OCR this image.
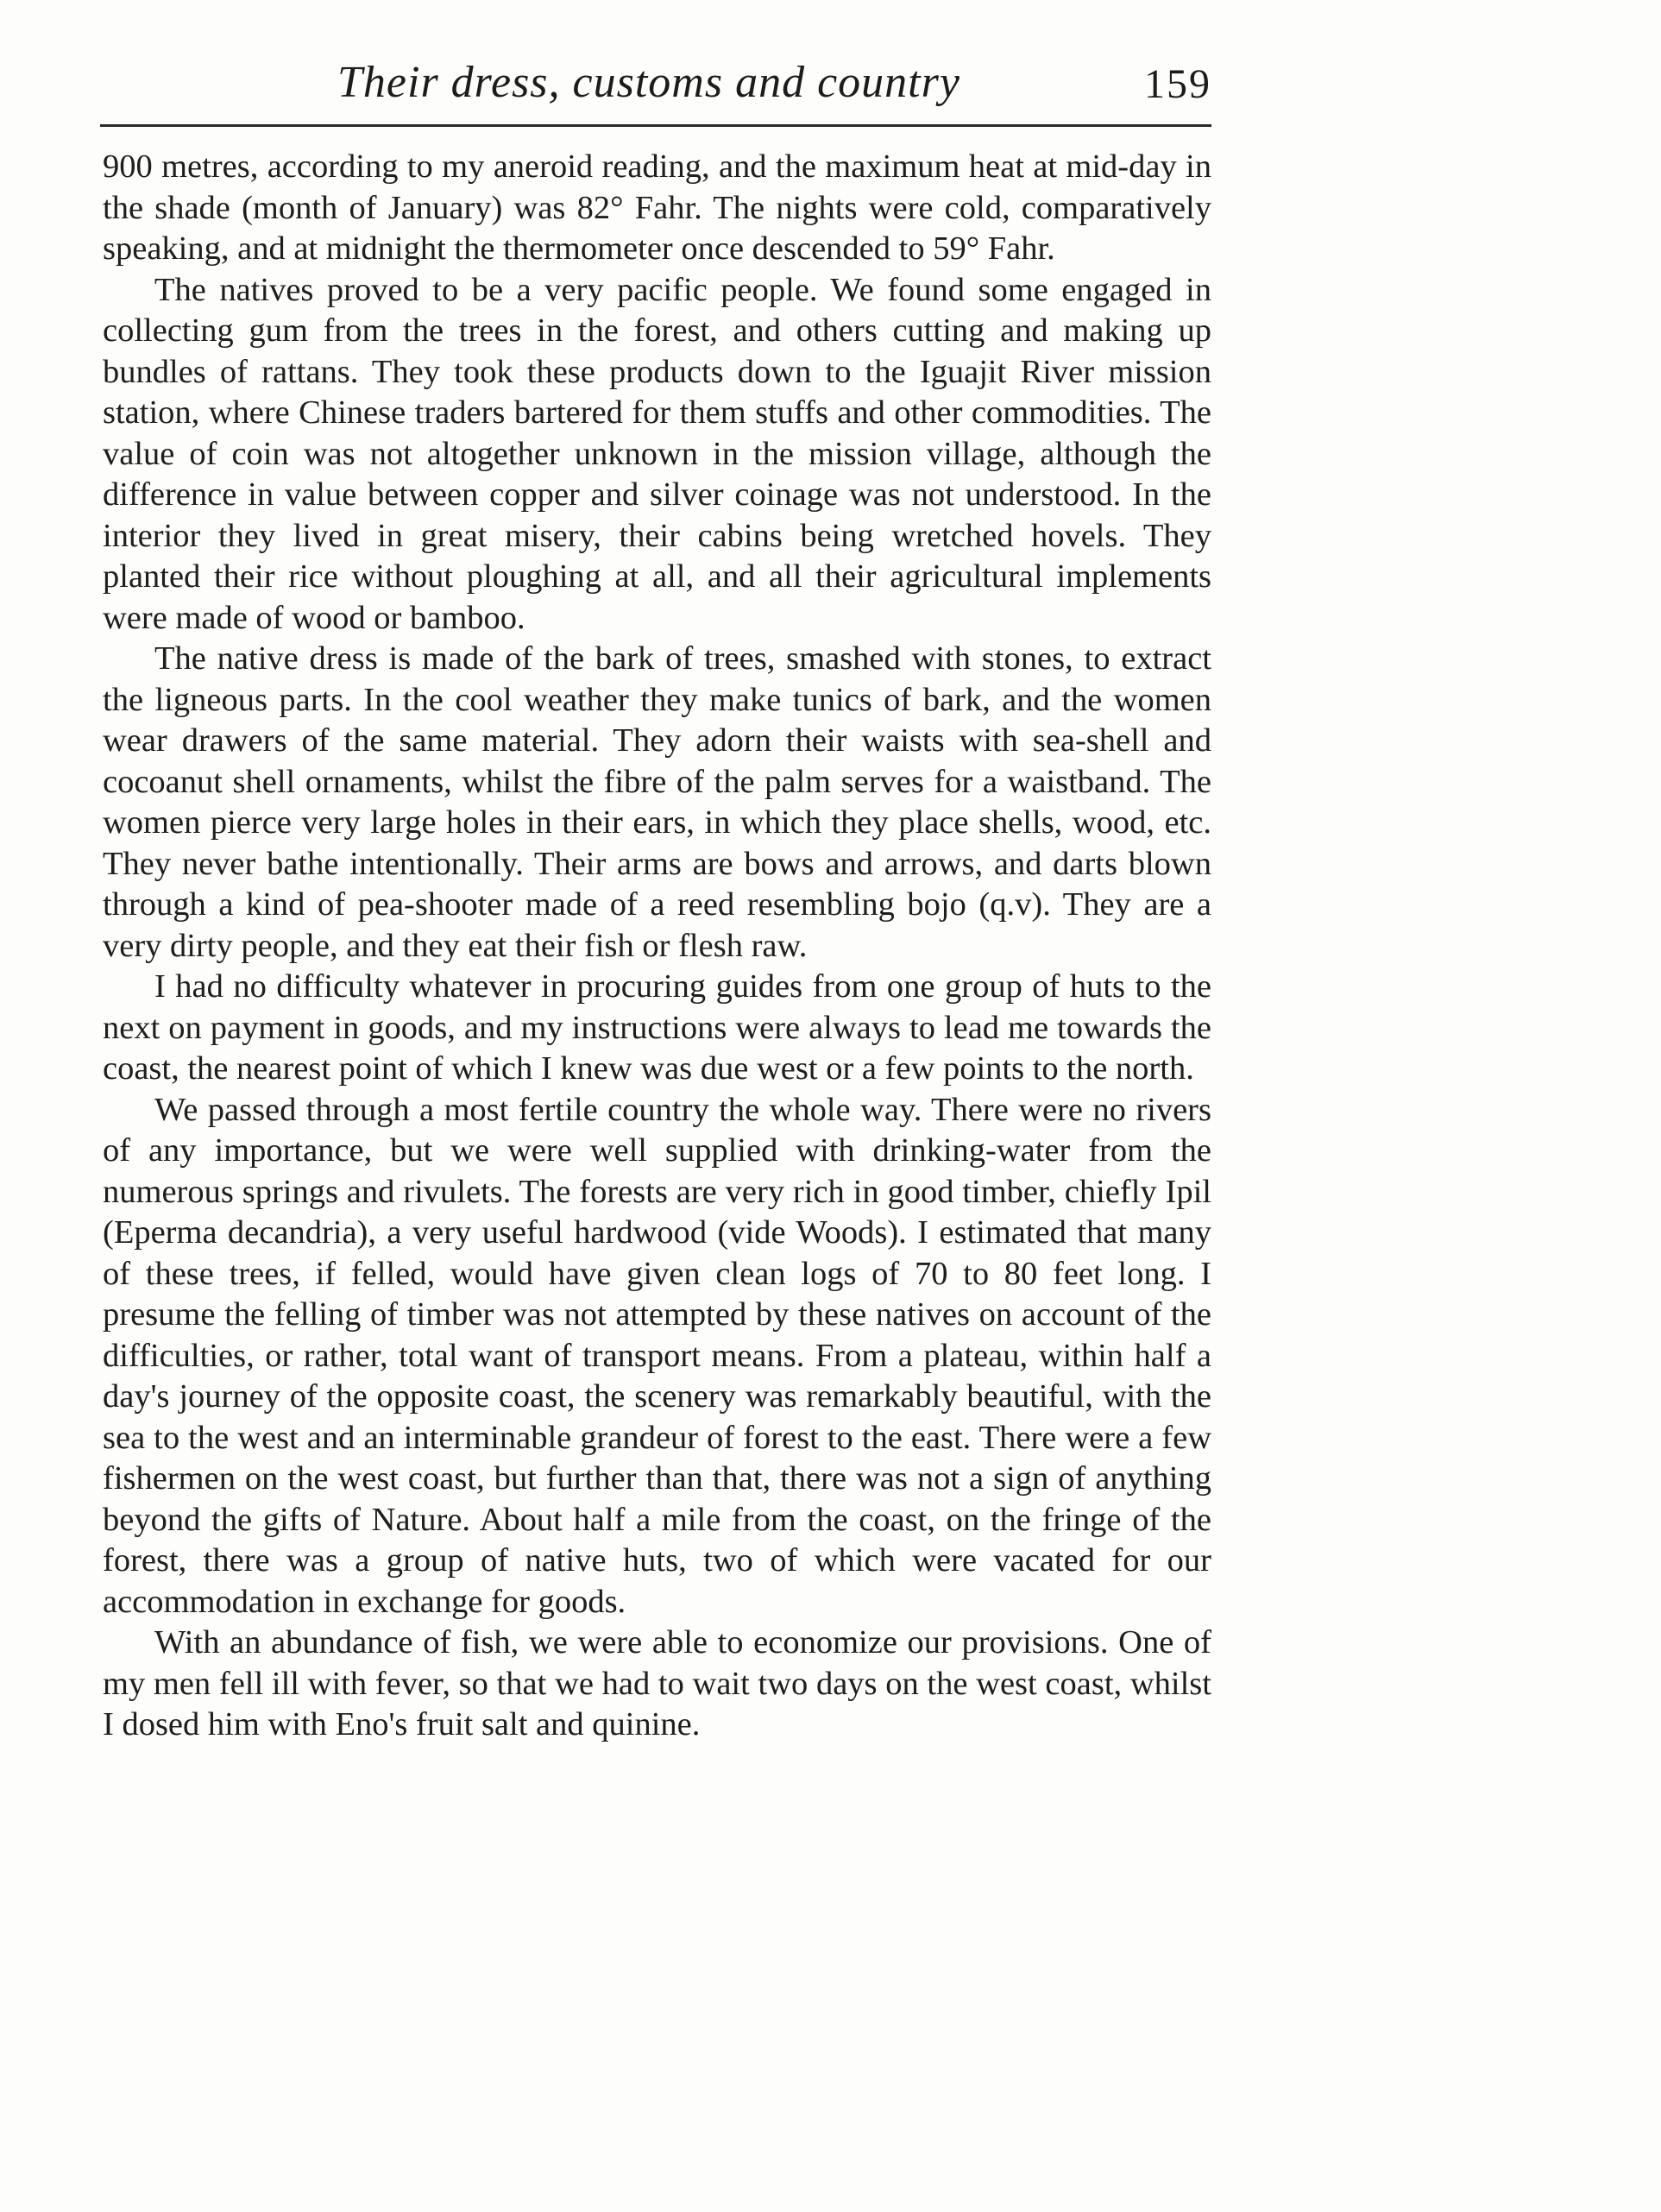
Their dress, customs and country	159

900 metres, according to my aneroid reading, and the maximum heat at mid-day in the shade (month of January) was 82° Fahr. The nights were cold, comparatively speaking, and at midnight the thermometer once descended to 59° Fahr.

The natives proved to be a very pacific people. We found some engaged in collecting gum from the trees in the forest, and others cutting and making up bundles of rattans. They took these products down to the Iguajit River mission station, where Chinese traders bartered for them stuffs and other commodities. The value of coin was not altogether unknown in the mission village, although the difference in value between copper and silver coinage was not understood. In the interior they lived in great misery, their cabins being wretched hovels. They planted their rice without ploughing at all, and all their agricultural implements were made of wood or bamboo.

The native dress is made of the bark of trees, smashed with stones, to extract the ligneous parts. In the cool weather they make tunics of bark, and the women wear drawers of the same material. They adorn their waists with sea-shell and cocoanut shell ornaments, whilst the fibre of the palm serves for a waistband. The women pierce very large holes in their ears, in which they place shells, wood, etc. They never bathe intentionally. Their arms are bows and arrows, and darts blown through a kind of pea-shooter made of a reed resembling bojo (q.v). They are a very dirty people, and they eat their fish or flesh raw.

I had no difficulty whatever in procuring guides from one group of huts to the next on payment in goods, and my instructions were always to lead me towards the coast, the nearest point of which I knew was due west or a few points to the north.

We passed through a most fertile country the whole way. There were no rivers of any importance, but we were well supplied with drinking-water from the numerous springs and rivulets. The forests are very rich in good timber, chiefly Ipil (Eperma decandria), a very useful hardwood (vide Woods). I estimated that many of these trees, if felled, would have given clean logs of 70 to 80 feet long. I presume the felling of timber was not attempted by these natives on account of the difficulties, or rather, total want of transport means. From a plateau, within half a day's journey of the opposite coast, the scenery was remarkably beautiful, with the sea to the west and an interminable grandeur of forest to the east. There were a few fishermen on the west coast, but further than that, there was not a sign of anything beyond the gifts of Nature. About half a mile from the coast, on the fringe of the forest, there was a group of native huts, two of which were vacated for our accommodation in exchange for goods.

With an abundance of fish, we were able to economize our provisions. One of my men fell ill with fever, so that we had to wait two days on the west coast, whilst I dosed him with Eno's fruit salt and quinine.
